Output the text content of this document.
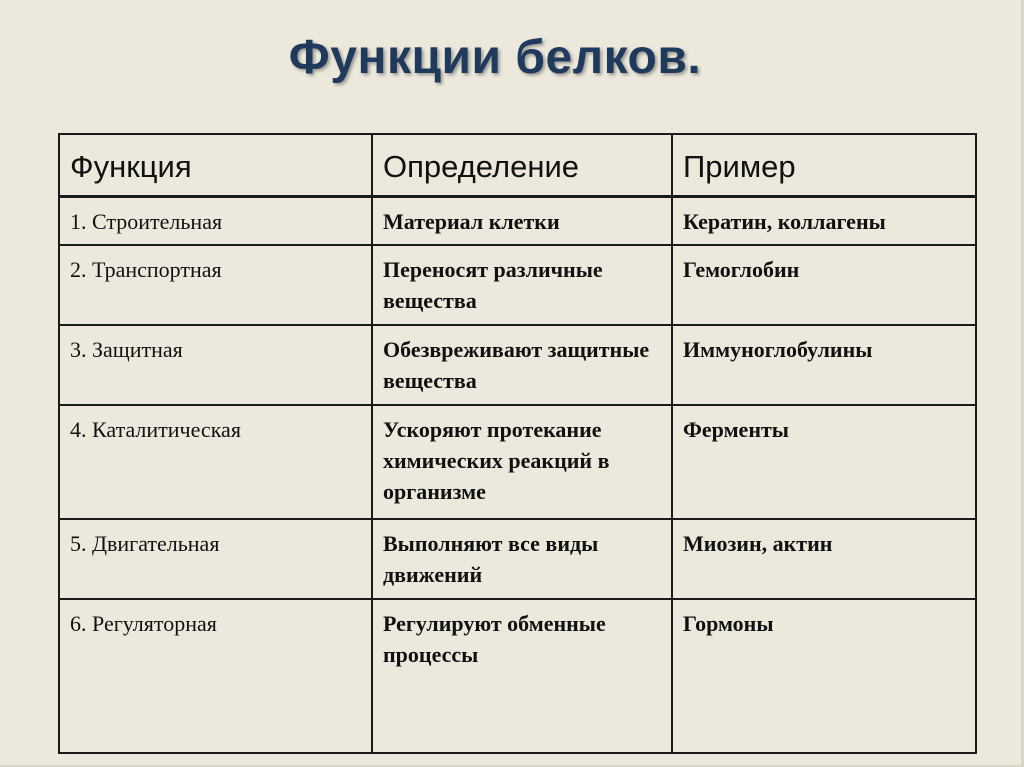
Функции белков.
Функция	Определение	Пример
1. Строительная	Материал клетки	Кератин, коллагены
2. Транспортная	Переносят различные вещества	Гемоглобин
3. Защитная	Обезвреживают защитные вещества	Иммуноглобулины
4. Каталитическая	Ускоряют протекание химических реакций в организме	Ферменты
5. Двигательная	Выполняют все виды движений	Миозин, актин
6. Регуляторная	Регулируют обменные процессы	Гормоны
